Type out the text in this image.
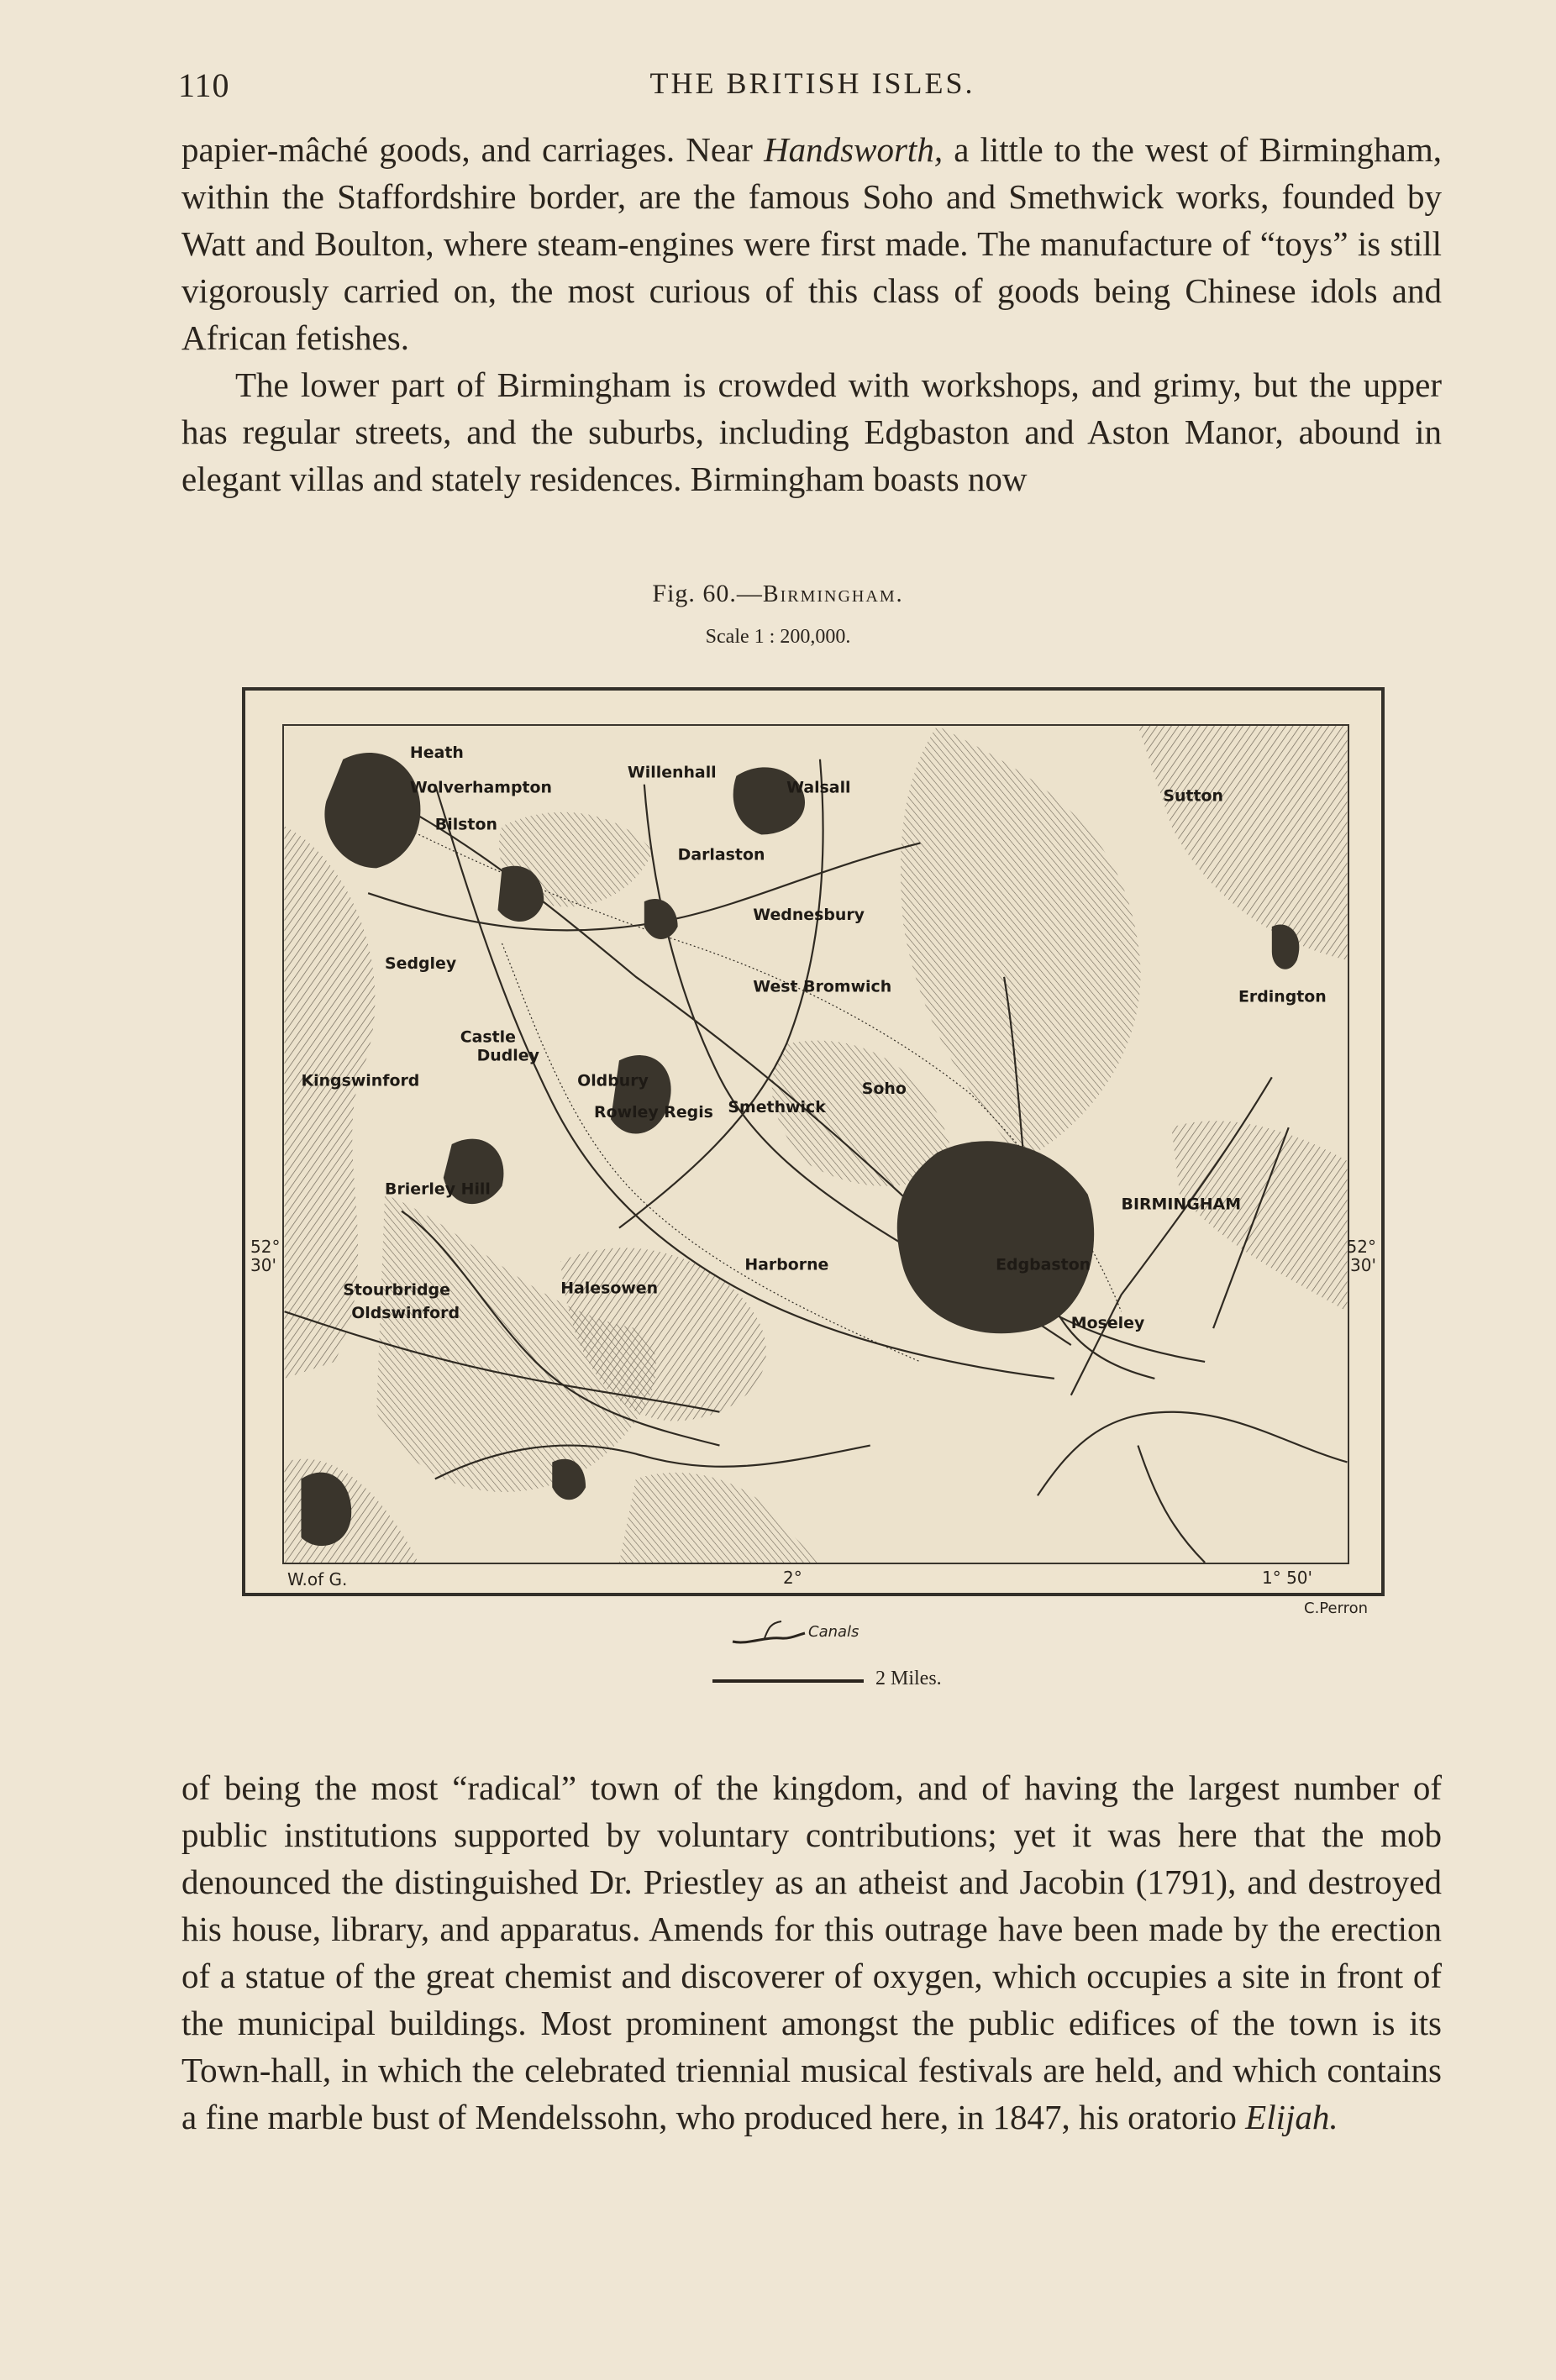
110	THE BRITISH ISLES.

papier-mâché goods, and carriages. Near Handsworth, a little to the west of Birmingham, within the Staffordshire border, are the famous Soho and Smethwick works, founded by Watt and Boulton, where steam-engines were first made. The manufacture of “toys” is still vigorously carried on, the most curious of this class of goods being Chinese idols and African fetishes.

The lower part of Birmingham is crowded with workshops, and grimy, but the upper has regular streets, and the suburbs, including Edgbaston and Aston Manor, abound in elegant villas and stately residences. Birmingham boasts now

Fig. 60.—Birmingham.
Scale 1 : 200,000.
Heath
Willenhall
Wolverhampton	Walsall	Sutton
Bilston
Darlaston
Wednesbury
Sedgley
West Bromwich
Erdington
Castle
Dudley
Kingswinford	Oldbury	Soho
Rowley Regis Smethwick
Brierley Hill
BIRMINGHAM
Harborne	Edgbaston
Stourbridge	Halesowen
Oldswinford
Moseley
52°
30'
52°
30'
W.of G.	2°	1° 50'
C.Perron
Canals
2 Miles.

of being the most “radical” town of the kingdom, and of having the largest number of public institutions supported by voluntary contributions; yet it was here that the mob denounced the distinguished Dr. Priestley as an atheist and Jacobin (1791), and destroyed his house, library, and apparatus. Amends for this outrage have been made by the erection of a statue of the great chemist and discoverer of oxygen, which occupies a site in front of the municipal buildings. Most prominent amongst the public edifices of the town is its Town-hall, in which the celebrated triennial musical festivals are held, and which contains a fine marble bust of Mendelssohn, who produced here, in 1847, his oratorio Elijah.
